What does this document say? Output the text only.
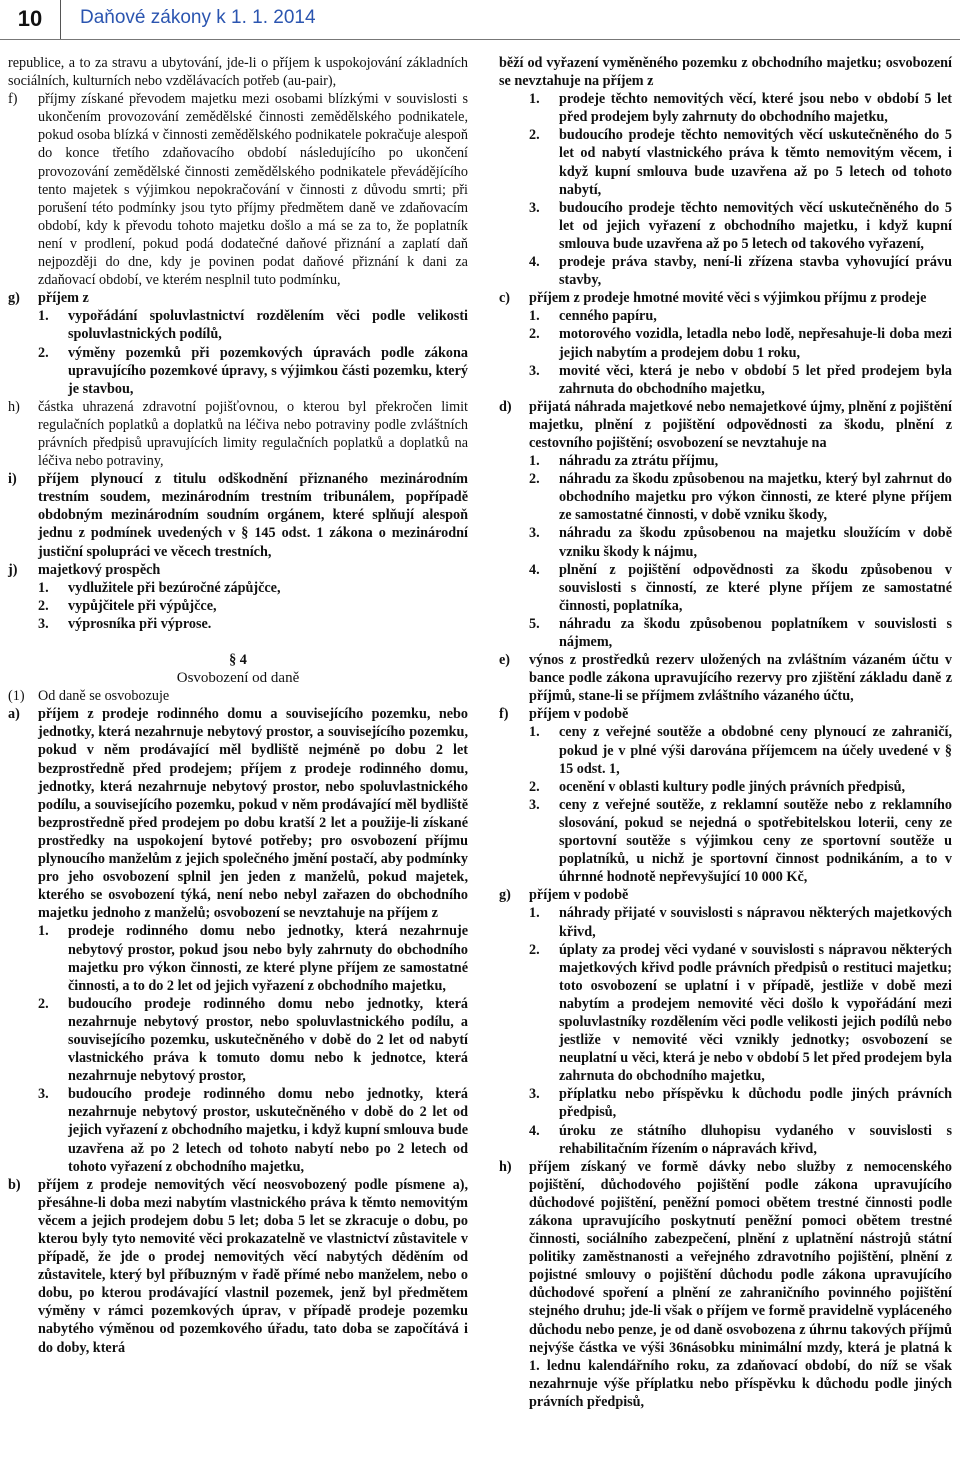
10	Daňové zákony k 1. 1. 2014
republice, a to za stravu a ubytování, jde-li o příjem k uspokojování základních sociálních, kulturních nebo vzdělávacích potřeb (au-pair),
f) příjmy získané převodem majetku mezi osobami blízkými v souvislosti s ukončením provozování zemědělské činnosti zemědělského podnikatele, pokud osoba blízká v činnosti zemědělského podnikatele pokračuje alespoň do konce třetího zdaňovacího období následujícího po ukončení provozování zemědělské činnosti zemědělského podnikatele převádějícího tento majetek s výjimkou nepokračování v činnosti z důvodu smrti; při porušení této podmínky jsou tyto příjmy předmětem daně ve zdaňovacím období, kdy k převodu tohoto majetku došlo a má se za to, že poplatník není v prodlení, pokud podá dodatečné daňové přiznání a zaplatí daň nejpozději do dne, kdy je povinen podat daňové přiznání k dani za zdaňovací období, ve kterém nesplnil tuto podmínku,
g) příjem z
1. vypořádání spoluvlastnictví rozdělením věci podle velikosti spoluvlastnických podílů,
2. výměny pozemků při pozemkových úpravách podle zákona upravujícího pozemkové úpravy, s výjimkou části pozemku, který je stavbou,
h) částka uhrazená zdravotní pojišťovnou, o kterou byl překročen limit regulačních poplatků a doplatků na léčiva nebo potraviny podle zvláštních právních předpisů upravujících limity regulačních poplatků a doplatků na léčiva nebo potraviny,
i) příjem plynoucí z titulu odškodnění přiznaného mezinárodním trestním soudem, mezinárodním trestním tribunálem, popřípadě obdobným mezinárodním soudním orgánem, které splňují alespoň jednu z podmínek uvedených v § 145 odst. 1 zákona o mezinárodní justiční spolupráci ve věcech trestních,
j) majetkový prospěch
1. vydlužitele při bezúročné zápůjčce,
2. vypůjčitele při výpůjčce,
3. výprosníka při výprose.
§ 4
Osvobození od daně
(1) Od daně se osvobozuje
a) příjem z prodeje rodinného domu a souvisejícího pozemku, nebo jednotky, která nezahrnuje nebytový prostor, a souvisejícího pozemku, pokud v něm prodávající měl bydliště nejméně po dobu 2 let bezprostředně před prodejem; příjem z prodeje rodinného domu, jednotky, která nezahrnuje nebytový prostor, nebo spoluvlastnického podílu, a souvisejícího pozemku, pokud v něm prodávající měl bydliště bezprostředně před prodejem po dobu kratší 2 let a použije-li získané prostředky na uspokojení bytové potřeby; pro osvobození příjmu plynoucího manželům z jejich společného jmění postačí, aby podmínky pro jeho osvobození splnil jen jeden z manželů, pokud majetek, kterého se osvobození týká, není nebo nebyl zařazen do obchodního majetku jednoho z manželů; osvobození se nevztahuje na příjem z
1. prodeje rodinného domu nebo jednotky, která nezahrnuje nebytový prostor, pokud jsou nebo byly zahrnuty do obchodního majetku pro výkon činnosti, ze které plyne příjem ze samostatné činnosti, a to do 2 let od jejich vyřazení z obchodního majetku,
2. budoucího prodeje rodinného domu nebo jednotky, která nezahrnuje nebytový prostor, nebo spoluvlastnického podílu, a souvisejícího pozemku, uskutečněného v době do 2 let od nabytí vlastnického práva k tomuto domu nebo k jednotce, která nezahrnuje nebytový prostor,
3. budoucího prodeje rodinného domu nebo jednotky, která nezahrnuje nebytový prostor, uskutečněného v době do 2 let od jejich vyřazení z obchodního majetku, i když kupní smlouva bude uzavřena až po 2 letech od tohoto nabytí nebo po 2 letech od tohoto vyřazení z obchodního majetku,
b) příjem z prodeje nemovitých věcí neosvobozený podle písmene a), přesáhne-li doba mezi nabytím vlastnického práva k těmto nemovitým věcem a jejich prodejem dobu 5 let; doba 5 let se zkracuje o dobu, po kterou byly tyto nemovité věci prokazatelně ve vlastnictví zůstavitele v případě, že jde o prodej nemovitých věcí nabytých děděním od zůstavitele, který byl příbuzným v řadě přímé nebo manželem, nebo o dobu, po kterou prodávající vlastnil pozemek, jenž byl předmětem výměny v rámci pozemkových úprav, v případě prodeje pozemku nabytého výměnou od pozemkového úřadu, tato doba se započítává i do doby, která
běží od vyřazení vyměněného pozemku z obchodního majetku; osvobození se nevztahuje na příjem z
1. prodeje těchto nemovitých věcí, které jsou nebo v období 5 let před prodejem byly zahrnuty do obchodního majetku,
2. budoucího prodeje těchto nemovitých věcí uskutečněného do 5 let od nabytí vlastnického práva k těmto nemovitým věcem, i když kupní smlouva bude uzavřena až po 5 letech od tohoto nabytí,
3. budoucího prodeje těchto nemovitých věcí uskutečněného do 5 let od jejich vyřazení z obchodního majetku, i když kupní smlouva bude uzavřena až po 5 letech od takového vyřazení,
4. prodeje práva stavby, není-li zřízena stavba vyhovující právu stavby,
c) příjem z prodeje hmotné movité věci s výjimkou příjmu z prodeje
1. cenného papíru,
2. motorového vozidla, letadla nebo lodě, nepřesahuje-li doba mezi jejich nabytím a prodejem dobu 1 roku,
3. movité věci, která je nebo v období 5 let před prodejem byla zahrnuta do obchodního majetku,
d) přijatá náhrada majetkové nebo nemajetkové újmy, plnění z pojištění majetku, plnění z pojištění odpovědnosti za škodu, plnění z cestovního pojištění; osvobození se nevztahuje na
1. náhradu za ztrátu příjmu,
2. náhradu za škodu způsobenou na majetku, který byl zahrnut do obchodního majetku pro výkon činnosti, ze které plyne příjem ze samostatné činnosti, v době vzniku škody,
3. náhradu za škodu způsobenou na majetku sloužícím v době vzniku škody k nájmu,
4. plnění z pojištění odpovědnosti za škodu způsobenou v souvislosti s činností, ze které plyne příjem ze samostatné činnosti, poplatníka,
5. náhradu za škodu způsobenou poplatníkem v souvislosti s nájmem,
e) výnos z prostředků rezerv uložených na zvláštním vázaném účtu v bance podle zákona upravujícího rezervy pro zjištění základu daně z příjmů, stane-li se příjmem zvláštního vázaného účtu,
f) příjem v podobě
1. ceny z veřejné soutěže a obdobné ceny plynoucí ze zahraničí, pokud je v plné výši darována příjemcem na účely uvedené v § 15 odst. 1,
2. ocenění v oblasti kultury podle jiných právních předpisů,
3. ceny z veřejné soutěže, z reklamní soutěže nebo z reklamního slosování, pokud se nejedná o spotřebitelskou loterii, ceny ze sportovní soutěže s výjimkou ceny ze sportovní soutěže u poplatníků, u nichž je sportovní činnost podnikáním, a to v úhrnné hodnotě nepřevyšující 10 000 Kč,
g) příjem v podobě
1. náhrady přijaté v souvislosti s nápravou některých majetkových křivd,
2. úplaty za prodej věci vydané v souvislosti s nápravou některých majetkových křivd podle právních předpisů o restituci majetku; toto osvobození se uplatní i v případě, jestliže v době mezi nabytím a prodejem nemovité věci došlo k vypořádání mezi spoluvlastníky rozdělením věci podle velikosti jejich podílů nebo jestliže v nemovité věci vznikly jednotky; osvobození se neuplatní u věci, která je nebo v období 5 let před prodejem byla zahrnuta do obchodního majetku,
3. příplatku nebo příspěvku k důchodu podle jiných právních předpisů,
4. úroku ze státního dluhopisu vydaného v souvislosti s rehabilitačním řízením o nápravách křivd,
h) příjem získaný ve formě dávky nebo služby z nemocenského pojištění, důchodového pojištění podle zákona upravujícího důchodové pojištění, peněžní pomoci obětem trestné činnosti podle zákona upravujícího poskytnutí peněžní pomoci obětem trestné činnosti, sociálního zabezpečení, plnění z uplatnění nástrojů státní politiky zaměstnanosti a veřejného zdravotního pojištění, plnění z pojistné smlouvy o pojištění důchodu podle zákona upravujícího důchodové spoření a plnění ze zahraničního povinného pojištění stejného druhu; jde-li však o příjem ve formě pravidelně vypláceného důchodu nebo penze, je od daně osvobozena z úhrnu takových příjmů nejvýše částka ve výši 36násobku minimální mzdy, která je platná k 1. lednu kalendářního roku, za zdaňovací období, do níž se však nezahrnuje výše příplatku nebo příspěvku k důchodu podle jiných právních předpisů,
